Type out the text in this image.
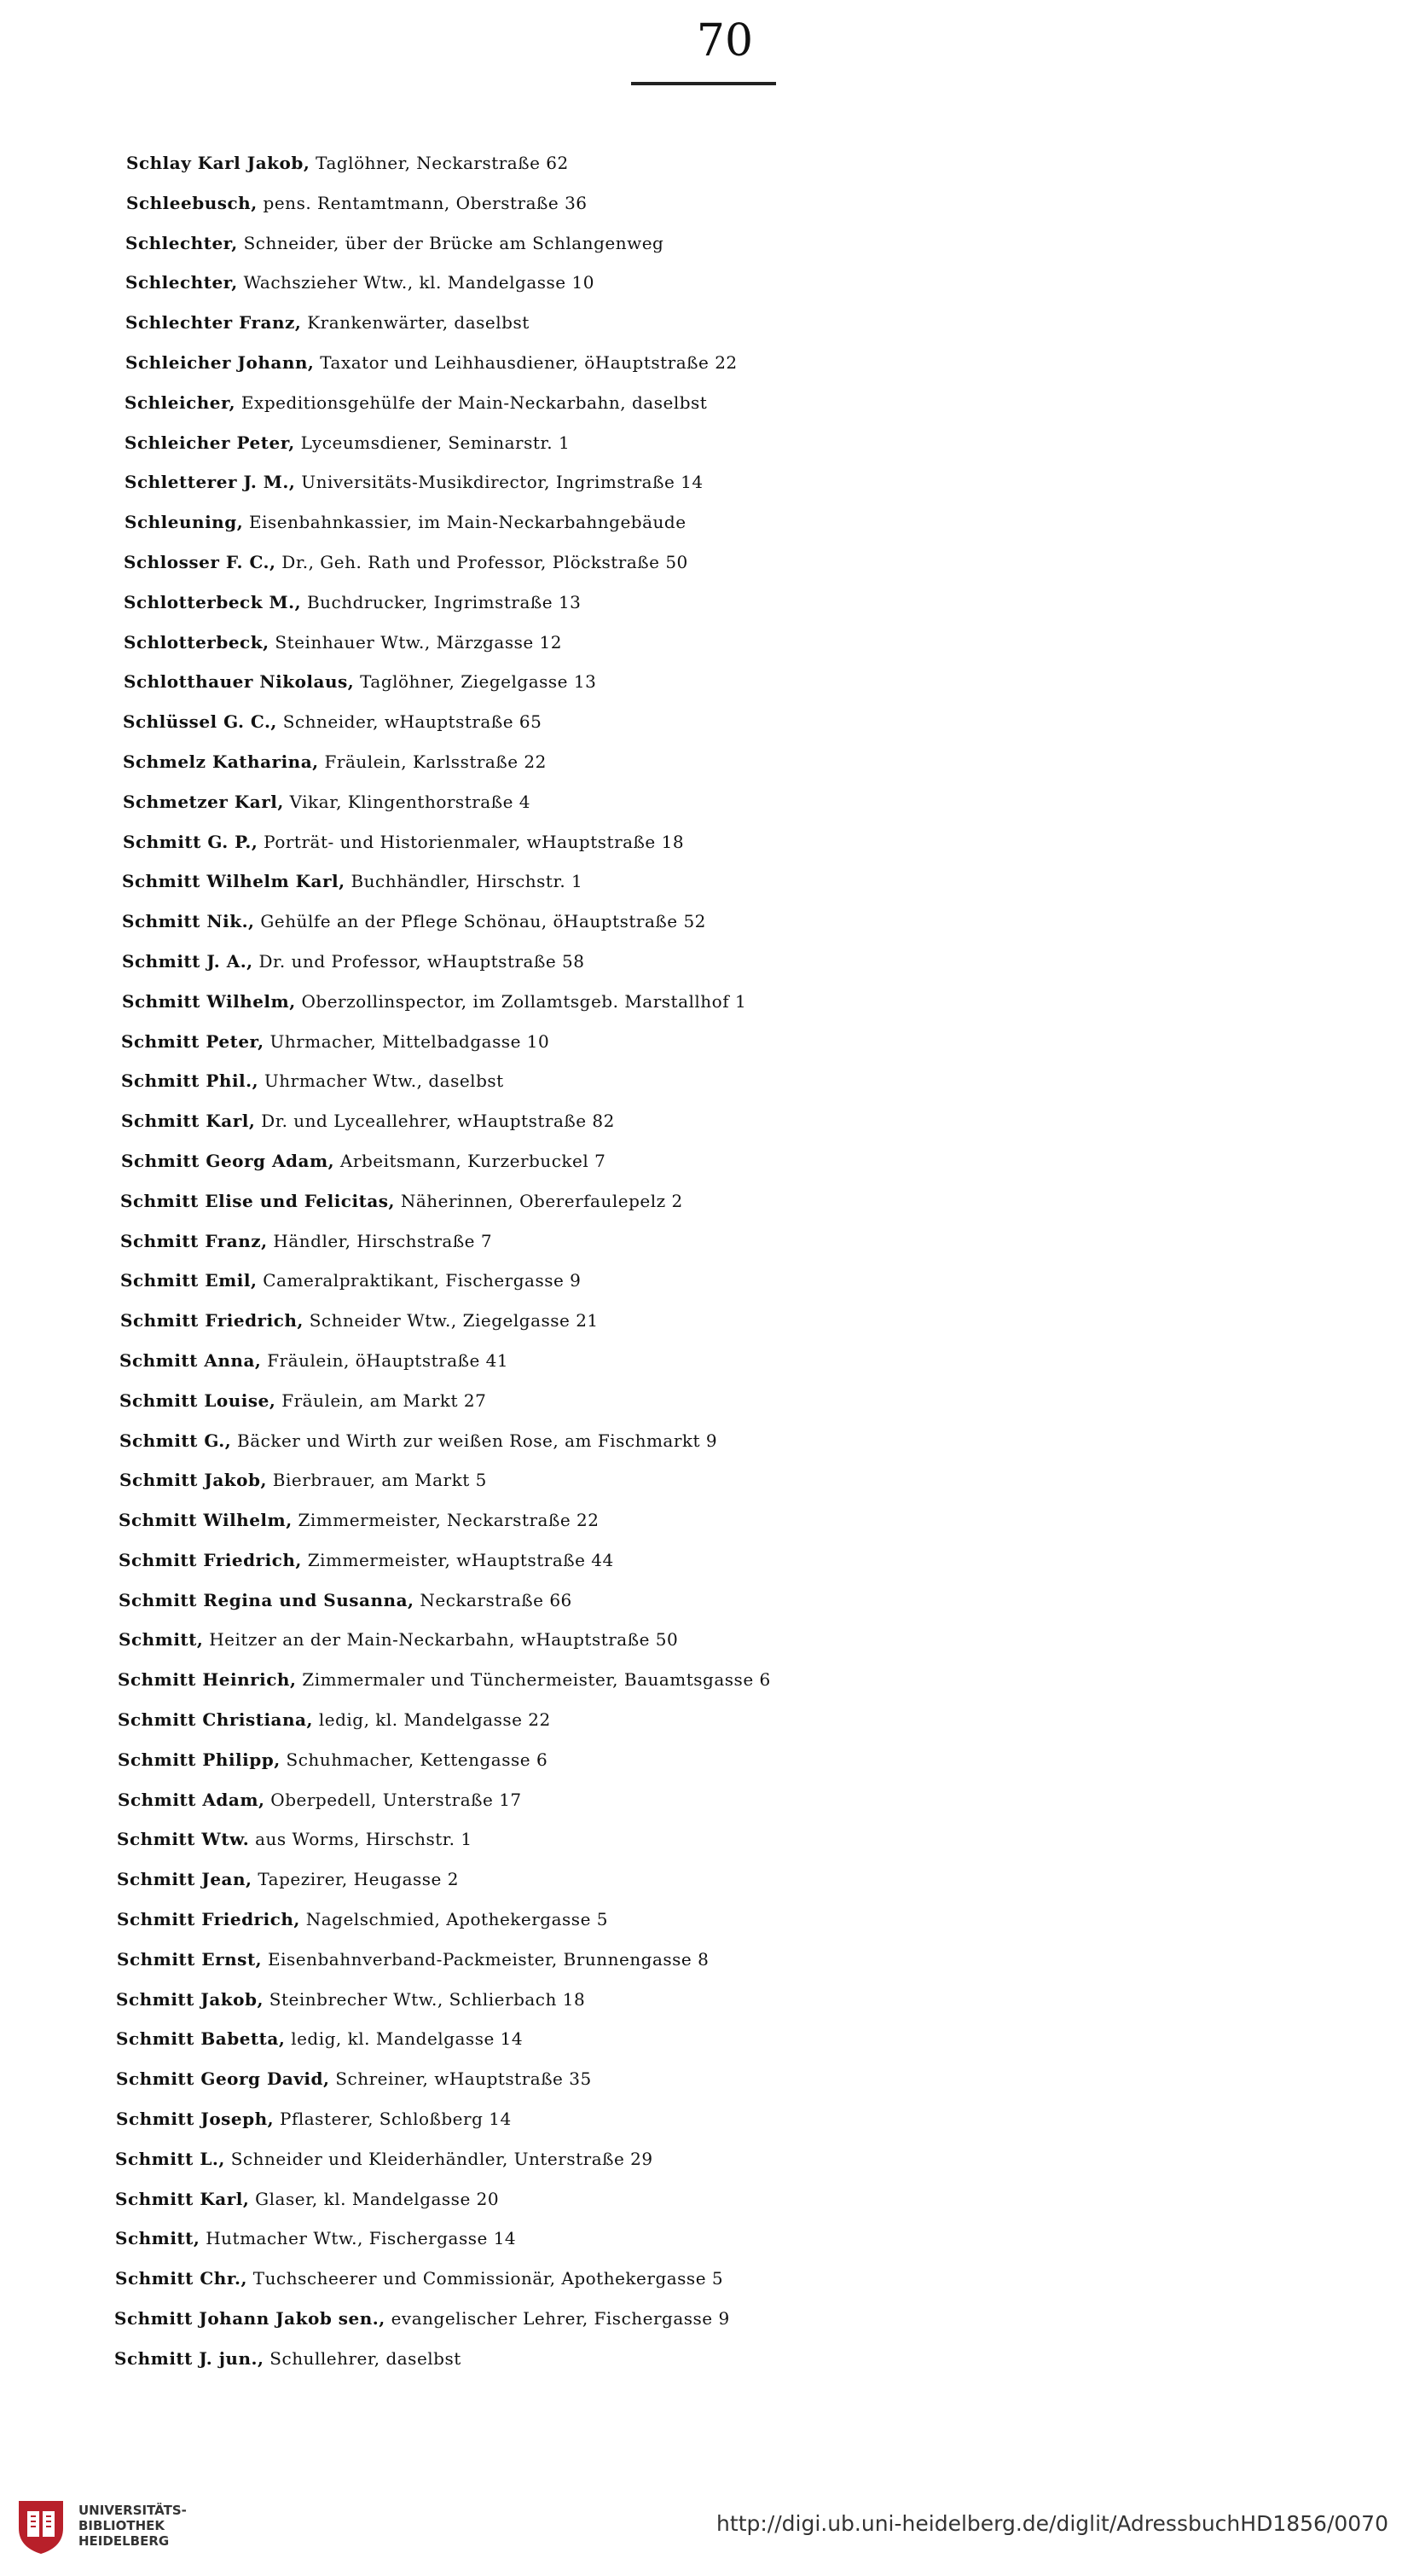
70
Schlay Karl Jakob, Taglöhner, Neckarstraße 62
Schleebusch, pens. Rentamtmann, Oberstraße 36
Schlechter, Schneider, über der Brücke am Schlangenweg
Schlechter, Wachszieher Wtw., kl. Mandelgasse 10
Schlechter Franz, Krankenwärter, daselbst
Schleicher Johann, Taxator und Leihhausdiener, öHauptstraße 22
Schleicher, Expeditionsgehülfe der Main-Neckarbahn, daselbst
Schleicher Peter, Lyceumsdiener, Seminarstr. 1
Schletterer J. M., Universitäts-Musikdirector, Ingrimstraße 14
Schleuning, Eisenbahnkassier, im Main-Neckarbahngebäude
Schlosser F. C., Dr., Geh. Rath und Professor, Plöckstraße 50
Schlotterbeck M., Buchdrucker, Ingrimstraße 13
Schlotterbeck, Steinhauer Wtw., Märzgasse 12
Schlotthauer Nikolaus, Taglöhner, Ziegelgasse 13
Schlüssel G. C., Schneider, wHauptstraße 65
Schmelz Katharina, Fräulein, Karlsstraße 22
Schmetzer Karl, Vikar, Klingenthorstraße 4
Schmitt G. P., Porträt- und Historienmaler, wHauptstraße 18
Schmitt Wilhelm Karl, Buchhändler, Hirschstr. 1
Schmitt Nik., Gehülfe an der Pflege Schönau, öHauptstraße 52
Schmitt J. A., Dr. und Professor, wHauptstraße 58
Schmitt Wilhelm, Oberzollinspector, im Zollamtsgeb. Marstallhof 1
Schmitt Peter, Uhrmacher, Mittelbadgasse 10
Schmitt Phil., Uhrmacher Wtw., daselbst
Schmitt Karl, Dr. und Lyceallehrer, wHauptstraße 82
Schmitt Georg Adam, Arbeitsmann, Kurzerbuckel 7
Schmitt Elise und Felicitas, Näherinnen, Obererfaulepelz 2
Schmitt Franz, Händler, Hirschstraße 7
Schmitt Emil, Cameralpraktikant, Fischergasse 9
Schmitt Friedrich, Schneider Wtw., Ziegelgasse 21
Schmitt Anna, Fräulein, öHauptstraße 41
Schmitt Louise, Fräulein, am Markt 27
Schmitt G., Bäcker und Wirth zur weißen Rose, am Fischmarkt 9
Schmitt Jakob, Bierbrauer, am Markt 5
Schmitt Wilhelm, Zimmermeister, Neckarstraße 22
Schmitt Friedrich, Zimmermeister, wHauptstraße 44
Schmitt Regina und Susanna, Neckarstraße 66
Schmitt, Heitzer an der Main-Neckarbahn, wHauptstraße 50
Schmitt Heinrich, Zimmermaler und Tünchermeister, Bauamtsgasse 6
Schmitt Christiana, ledig, kl. Mandelgasse 22
Schmitt Philipp, Schuhmacher, Kettengasse 6
Schmitt Adam, Oberpedell, Unterstraße 17
Schmitt Wtw. aus Worms, Hirschstr. 1
Schmitt Jean, Tapezirer, Heugasse 2
Schmitt Friedrich, Nagelschmied, Apothekergasse 5
Schmitt Ernst, Eisenbahnverband-Packmeister, Brunnengasse 8
Schmitt Jakob, Steinbrecher Wtw., Schlierbach 18
Schmitt Babetta, ledig, kl. Mandelgasse 14
Schmitt Georg David, Schreiner, wHauptstraße 35
Schmitt Joseph, Pflasterer, Schloßberg 14
Schmitt L., Schneider und Kleiderhändler, Unterstraße 29
Schmitt Karl, Glaser, kl. Mandelgasse 20
Schmitt, Hutmacher Wtw., Fischergasse 14
Schmitt Chr., Tuchscheerer und Commissionär, Apothekergasse 5
Schmitt Johann Jakob sen., evangelischer Lehrer, Fischergasse 9
Schmitt J. jun., Schullehrer, daselbst
UNIVERSITÄTS-
BIBLIOTHEK
HEIDELBERG
http://digi.ub.uni-heidelberg.de/diglit/AdressbuchHD1856/0070
